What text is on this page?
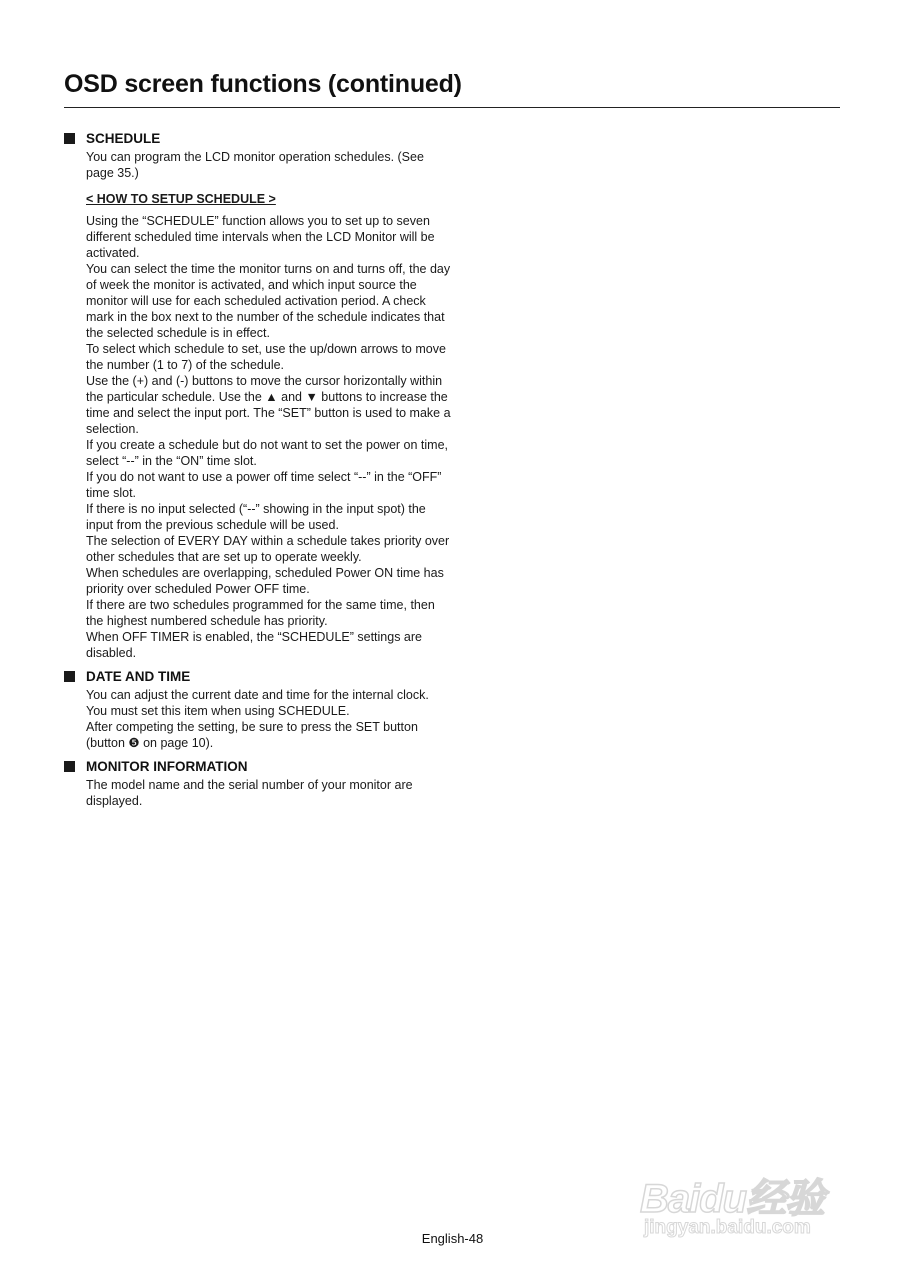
OSD screen functions (continued)
SCHEDULE

You can program the LCD monitor operation schedules. (See page 35.)

< HOW TO SETUP SCHEDULE >

Using the “SCHEDULE” function allows you to set up to seven different scheduled time intervals when the LCD Monitor will be activated.

You can select the time the monitor turns on and turns off, the day of week the monitor is activated, and which input source the monitor will use for each scheduled activation period. A check mark in the box next to the number of the schedule indicates that the selected schedule is in effect.

To select which schedule to set, use the up/down arrows to move the number (1 to 7) of the schedule.

Use the (+) and (-) buttons to move the cursor horizontally within the particular schedule. Use the ▲ and ▼ buttons to increase the time and select the input port. The “SET” button is used to make a selection.

If you create a schedule but do not want to set the power on time, select “--” in the “ON” time slot.

If you do not want to use a power off time select “--” in the “OFF” time slot.

If there is no input selected (“--” showing in the input spot) the input from the previous schedule will be used.

The selection of EVERY DAY within a schedule takes priority over other schedules that are set up to operate weekly.

When schedules are overlapping, scheduled Power ON time has priority over scheduled Power OFF time.

If there are two schedules programmed for the same time, then the highest numbered schedule has priority.

When OFF TIMER is enabled, the “SCHEDULE” settings are disabled.

DATE AND TIME

You can adjust the current date and time for the internal clock.

You must set this item when using SCHEDULE.

After competing the setting, be sure to press the SET button (button ❺ on page 10).

MONITOR INFORMATION

The model name and the serial number of your monitor are displayed.

Baidu经验
jingyan.baidu.com
English-48
